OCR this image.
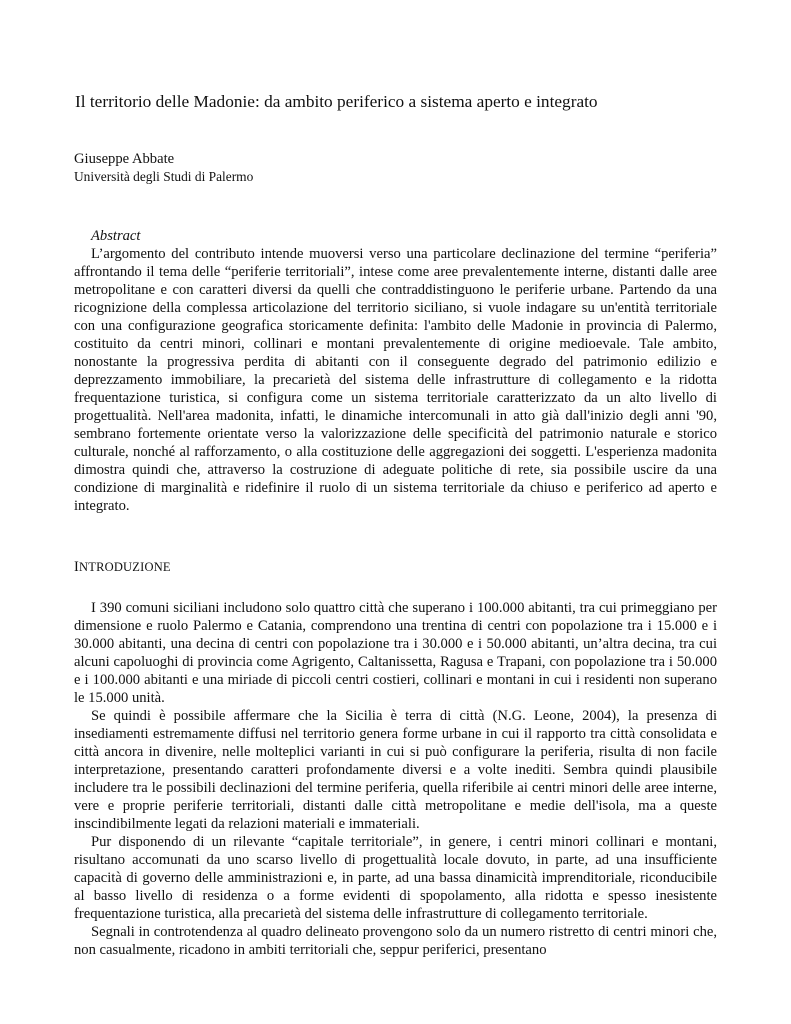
Il territorio delle Madonie: da ambito periferico a sistema aperto e integrato
Giuseppe Abbate
Università degli Studi di Palermo
Abstract

L’argomento del contributo intende muoversi verso una particolare declinazione del termine “periferia” affrontando il tema delle “periferie territoriali”, intese come aree prevalentemente interne, distanti dalle aree metropolitane e con caratteri diversi da quelli che contraddistinguono le periferie urbane. Partendo da una ricognizione della complessa articolazione del territorio siciliano, si vuole indagare su un'entità territoriale con una configurazione geografica storicamente definita: l'ambito delle Madonie in provincia di Palermo, costituito da centri minori, collinari e montani prevalentemente di origine medioevale. Tale ambito, nonostante la progressiva perdita di abitanti con il conseguente degrado del patrimonio edilizio e deprezzamento immobiliare, la precarietà del sistema delle infrastrutture di collegamento e la ridotta frequentazione turistica, si configura come un sistema territoriale caratterizzato da un alto livello di progettualità. Nell'area madonita, infatti, le dinamiche intercomunali in atto già dall'inizio degli anni '90, sembrano fortemente orientate verso la valorizzazione delle specificità del patrimonio naturale e storico culturale, nonché al rafforzamento, o alla costituzione delle aggregazioni dei soggetti. L'esperienza madonita dimostra quindi che, attraverso la costruzione di adeguate politiche di rete, sia possibile uscire da una condizione di marginalità e ridefinire il ruolo di un sistema territoriale da chiuso e periferico ad aperto e integrato.

INTRODUZIONE

I 390 comuni siciliani includono solo quattro città che superano i 100.000 abitanti, tra cui primeggiano per dimensione e ruolo Palermo e Catania, comprendono una trentina di centri con popolazione tra i 15.000 e i 30.000 abitanti, una decina di centri con popolazione tra i 30.000 e i 50.000 abitanti, un’altra decina, tra cui alcuni capoluoghi di provincia come Agrigento, Caltanissetta, Ragusa e Trapani, con popolazione tra i 50.000 e i 100.000 abitanti e una miriade di piccoli centri costieri, collinari e montani in cui i residenti non superano le 15.000 unità.

Se quindi è possibile affermare che la Sicilia è terra di città (N.G. Leone, 2004), la presenza di insediamenti estremamente diffusi nel territorio genera forme urbane in cui il rapporto tra città consolidata e città ancora in divenire, nelle molteplici varianti in cui si può configurare la periferia, risulta di non facile interpretazione, presentando caratteri profondamente diversi e a volte inediti. Sembra quindi plausibile includere tra le possibili declinazioni del termine periferia, quella riferibile ai centri minori delle aree interne, vere e proprie periferie territoriali, distanti dalle città metropolitane e medie dell'isola, ma a queste inscindibilmente legati da relazioni materiali e immateriali.

Pur disponendo di un rilevante “capitale territoriale”, in genere, i centri minori collinari e montani, risultano accomunati da uno scarso livello di progettualità locale dovuto, in parte, ad una insufficiente capacità di governo delle amministrazioni e, in parte, ad una bassa dinamicità imprenditoriale, riconducibile al basso livello di residenza o a forme evidenti di spopolamento, alla ridotta e spesso inesistente frequentazione turistica, alla precarietà del sistema delle infrastrutture di collegamento territoriale.

Segnali in controtendenza al quadro delineato provengono solo da un numero ristretto di centri minori che, non casualmente, ricadono in ambiti territoriali che, seppur periferici, presentano
